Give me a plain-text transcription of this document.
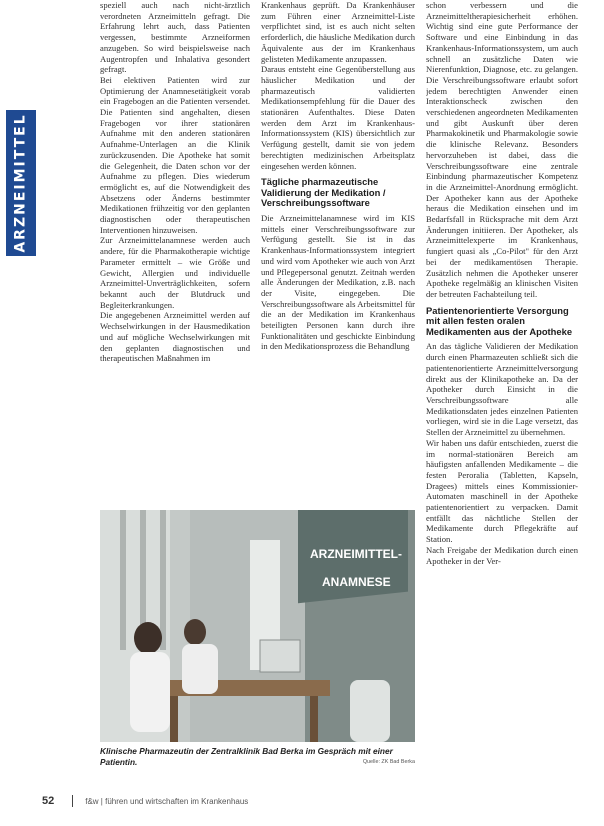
ARZNEIMITTEL

speziell auch nach nicht-ärztlich verordneten Arzneimitteln gefragt. Die Erfahrung lehrt auch, dass Patienten vergessen, bestimmte Arzneiformen anzugeben. So wird beispielsweise nach Augentropfen und Inhalativa gesondert gefragt.

Bei elektiven Patienten wird zur Optimierung der Anamnesetätigkeit vorab ein Fragebogen an die Patienten versendet. Die Patienten sind angehalten, diesen Fragebogen vor ihrer stationären Aufnahme mit den anderen stationären Aufnahme-Unterlagen an die Klinik zurückzusenden. Die Apotheke hat somit die Gelegenheit, die Daten schon vor der Aufnahme zu pflegen. Dies wiederum ermöglicht es, auf die Notwendigkeit des Absetzens oder Änderns bestimmter Medikationen frühzeitig vor den geplanten diagnostischen oder therapeutischen Interventionen hinzuweisen.

Zur Arzneimittelanamnese werden auch andere, für die Pharmakotherapie wichtige Parameter ermittelt – wie Größe und Gewicht, Allergien und individuelle Arzneimittel-Unverträglichkeiten, sofern bekannt auch der Blutdruck und Begleiterkrankungen.

Die angegebenen Arzneimittel werden auf Wechselwirkungen in der Hausmedikation und auf mögliche Wechselwirkungen mit den geplanten diagnostischen und therapeutischen Maßnahmen im

Krankenhaus geprüft. Da Krankenhäuser zum Führen einer Arzneimittel-Liste verpflichtet sind, ist es auch nicht selten erforderlich, die häusliche Medikation durch Äquivalente aus der im Krankenhaus gelisteten Medikamente anzupassen.

Daraus entsteht eine Gegenüberstellung aus häuslicher Medikation und der pharmazeutisch validierten Medikationsempfehlung für die Dauer des stationären Aufenthaltes. Diese Daten werden dem Arzt im Krankenhaus-Informationssystem (KIS) übersichtlich zur Verfügung gestellt, damit sie von jedem berechtigten medizinischen Arbeitsplatz eingesehen werden können.

Tägliche pharmazeutische Validierung der Medikation / Verschreibungssoftware

Die Arzneimittelanamnese wird im KIS mittels einer Verschreibungssoftware zur Verfügung gestellt. Sie ist in das Krankenhaus-Informationssystem integriert und wird vom Apotheker wie auch von Arzt und Pflegepersonal genutzt. Zeitnah werden alle Änderungen der Medikation, z.B. nach der Visite, eingegeben. Die Verschreibungssoftware als Arbeitsmittel für die an der Medikation im Krankenhaus beteiligten Personen kann durch ihre Funktionalitäten und geschickte Einbindung in den Medikationsprozess die Behandlung

schon verbessern und die Arzneimitteltherapiesicherheit erhöhen. Wichtig sind eine gute Performance der Software und eine Einbindung in das Krankenhaus-Informationssystem, um auch schnell an zusätzliche Daten wie Nierenfunktion, Diagnose, etc. zu gelangen. Die Verschreibungssoftware erlaubt sofort jedem berechtigten Anwender einen Interaktionscheck zwischen den verschiedenen angeordneten Medikamenten und gibt Auskunft über deren Pharmakokinetik und Pharmakologie sowie die klinische Relevanz. Besonders hervorzuheben ist dabei, dass die Verschreibungssoftware eine zentrale Einbindung pharmazeutischer Kompetenz in die Arzneimittel-Anordnung ermöglicht. Der Apotheker kann aus der Apotheke heraus die Medikation einsehen und im Bedarfsfall in Rücksprache mit dem Arzt Änderungen initiieren. Der Apotheker, als Arzneimittelexperte im Krankenhaus, fungiert quasi als „Co-Pilot" für den Arzt bei der medikamentösen Therapie. Zusätzlich nehmen die Apotheker unserer Apotheke regelmäßig an klinischen Visiten der betreuten Fachabteilung teil.

Patientenorientierte Versorgung mit allen festen oralen Medikamenten aus der Apotheke

An das tägliche Validieren der Medikation durch einen Pharmazeuten schließt sich die patientenorientierte Arzneimittelversorgung direkt aus der Klinikapotheke an. Da der Apotheker durch Einsicht in die Verschreibungssoftware alle Medikationsdaten jedes einzelnen Patienten vorliegen, wird sie in die Lage versetzt, das Stellen der Arzneimittel zu übernehmen.

Wir haben uns dafür entschieden, zuerst die im normal-stationären Bereich am häufigsten anfallenden Medikamente – die festen Peroralia (Tabletten, Kapseln, Dragees) mittels eines Kommissionier-Automaten maschinell in der Apotheke patientenorientiert zu verpacken. Damit entfällt das nächtliche Stellen der Medikamente durch Pflegekräfte auf Station.

Nach Freigabe der Medikation durch einen Apotheker in der Ver-

ARZNEIMITTEL-
ANAMNESE
Klinische Pharmazeutin der Zentralklinik Bad Berka im Gespräch mit einer Patientin.	Quelle: ZK Bad Berka
52	f&w | führen und wirtschaften im Krankenhaus
